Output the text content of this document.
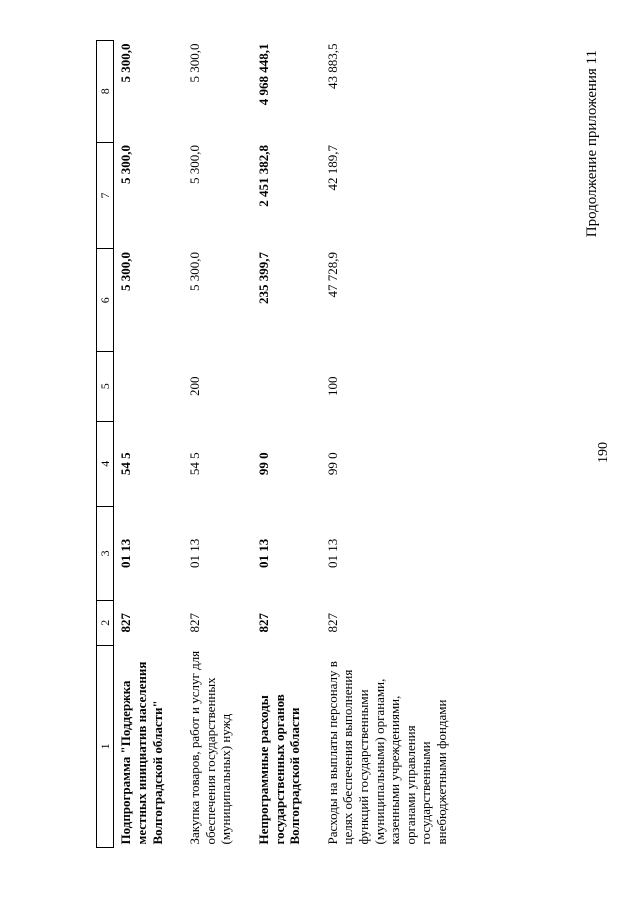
Продолжение приложения 11
190
1	2	3	4	5	6	7	8
Подпрограмма "Поддержка местных инициатив населения Волгоградской области"	827	01 13	54 5		5 300,0	5 300,0	5 300,0
Закупка товаров, работ и услуг для обеспечения государственных (муниципальных) нужд	827	01 13	54 5	200	5 300,0	5 300,0	5 300,0
Непрограммные расходы государственных органов Волгоградской области	827	01 13	99 0		235 399,7	2 451 382,8	4 968 448,1
Расходы на выплаты персоналу в целях обеспечения выполнения функций государственными (муниципальными) органами, казенными учреждениями, органами управления государственными внебюджетными фондами	827	01 13	99 0	100	47 728,9	42 189,7	43 883,5
